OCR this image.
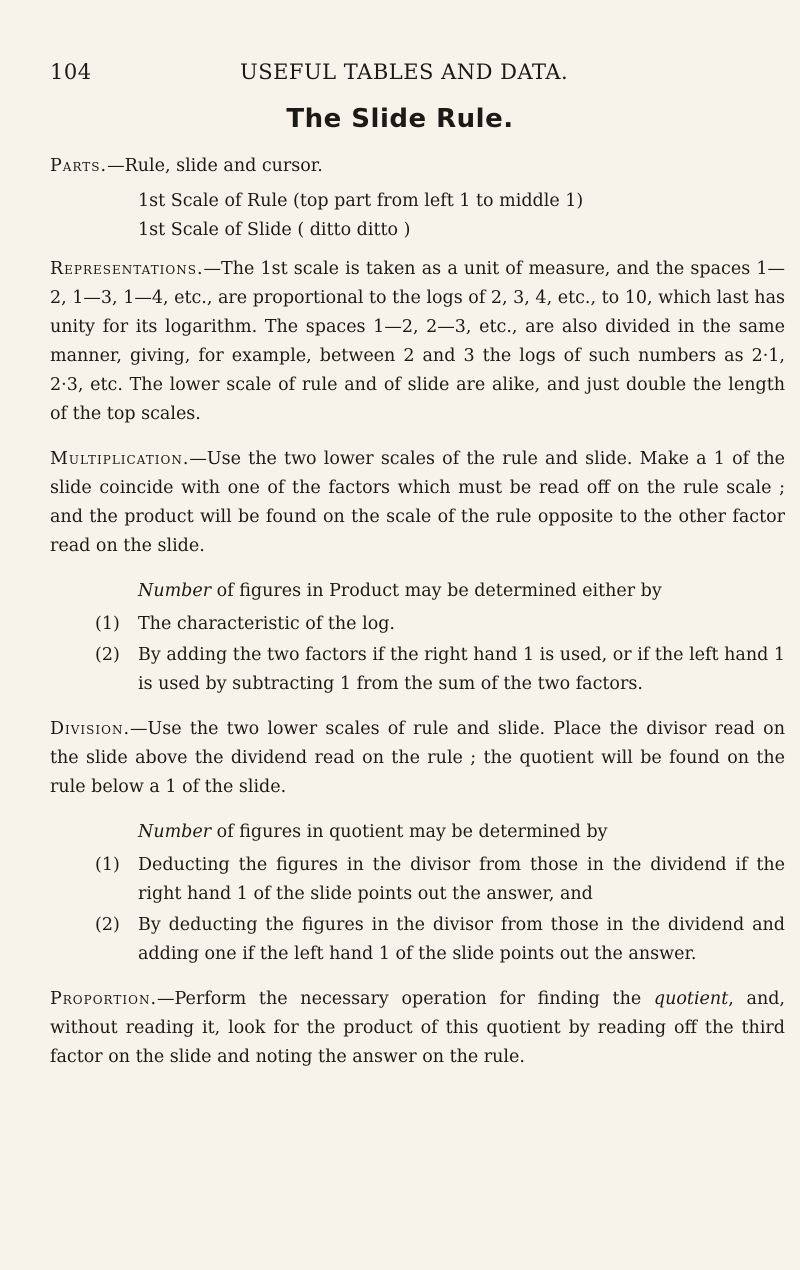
104	USEFUL TABLES AND DATA.
The Slide Rule.

Parts.—Rule, slide and cursor.

1st Scale of Rule (top part from left 1 to middle 1)

1st Scale of Slide ( ditto ditto )

Representations.—The 1st scale is taken as a unit of measure, and the spaces 1—2, 1—3, 1—4, etc., are proportional to the logs of 2, 3, 4, etc., to 10, which last has unity for its logarithm. The spaces 1—2, 2—3, etc., are also divided in the same manner, giving, for example, between 2 and 3 the logs of such numbers as 2·1, 2·3, etc. The lower scale of rule and of slide are alike, and just double the length of the top scales.

Multiplication.—Use the two lower scales of the rule and slide. Make a 1 of the slide coincide with one of the factors which must be read off on the rule scale ; and the product will be found on the scale of the rule opposite to the other factor read on the slide.

Number of figures in Product may be determined either by

(1)	The characteristic of the log.
(2)	By adding the two factors if the right hand 1 is used, or if the left hand 1 is used by subtracting 1 from the sum of the two factors.

Division.—Use the two lower scales of rule and slide. Place the divisor read on the slide above the dividend read on the rule ; the quotient will be found on the rule below a 1 of the slide.

Number of figures in quotient may be determined by

(1)	Deducting the figures in the divisor from those in the dividend if the right hand 1 of the slide points out the answer, and
(2)	By deducting the figures in the divisor from those in the dividend and adding one if the left hand 1 of the slide points out the answer.

Proportion.—Perform the necessary operation for finding the quotient, and, without reading it, look for the product of this quotient by reading off the third factor on the slide and noting the answer on the rule.
